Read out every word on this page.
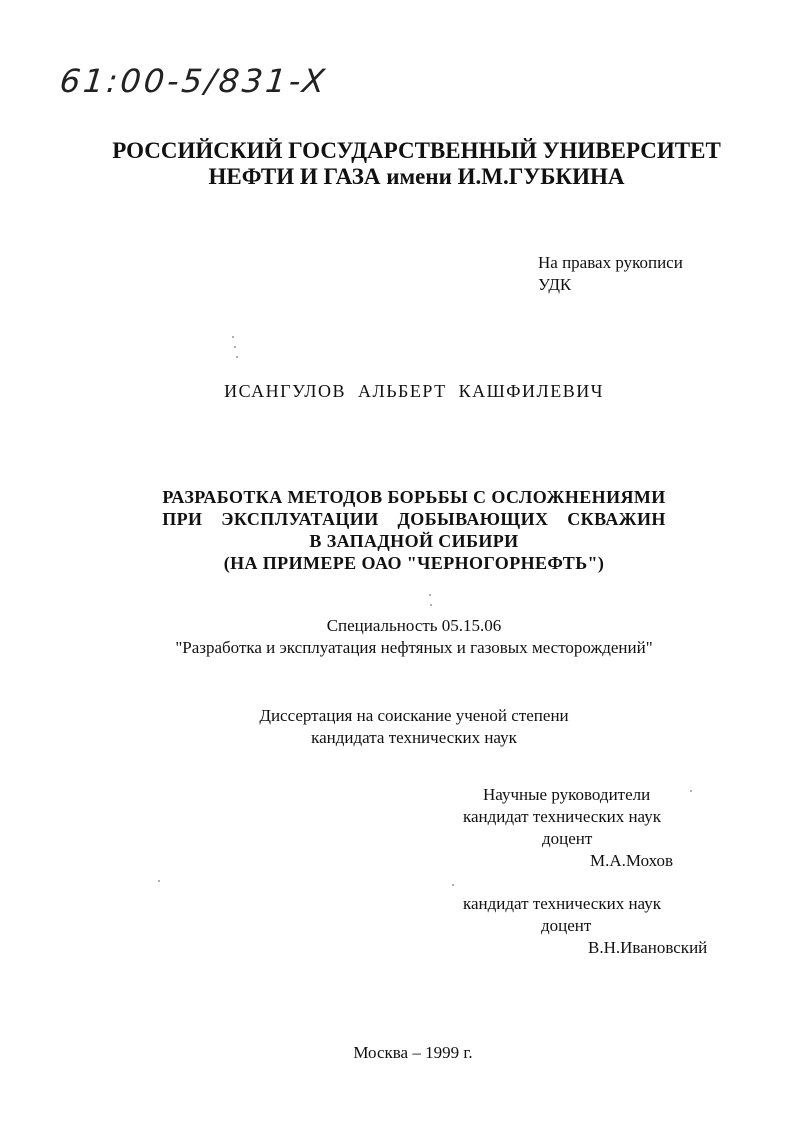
61:00-5/831-X
РОССИЙСКИЙ ГОСУДАРСТВЕННЫЙ УНИВЕРСИТЕТ
НЕФТИ И ГАЗА имени И.М.ГУБКИНА
На правах рукописи
УДК
ИСАНГУЛОВ АЛЬБЕРТ КАШФИЛЕВИЧ
РАЗРАБОТКА МЕТОДОВ БОРЬБЫ С ОСЛОЖНЕНИЯМИ
ПРИ ЭКСПЛУАТАЦИИ ДОБЫВАЮЩИХ СКВАЖИН
В ЗАПАДНОЙ СИБИРИ
(НА ПРИМЕРЕ ОАО "ЧЕРНОГОРНЕФТЬ")
Специальность 05.15.06
"Разработка и эксплуатация нефтяных и газовых месторождений"
Диссертация на соискание ученой степени
кандидата технических наук
Научные руководители
кандидат технических наук
доцент
М.А.Мохов
кандидат технических наук
доцент
В.Н.Ивановский
Москва – 1999 г.
